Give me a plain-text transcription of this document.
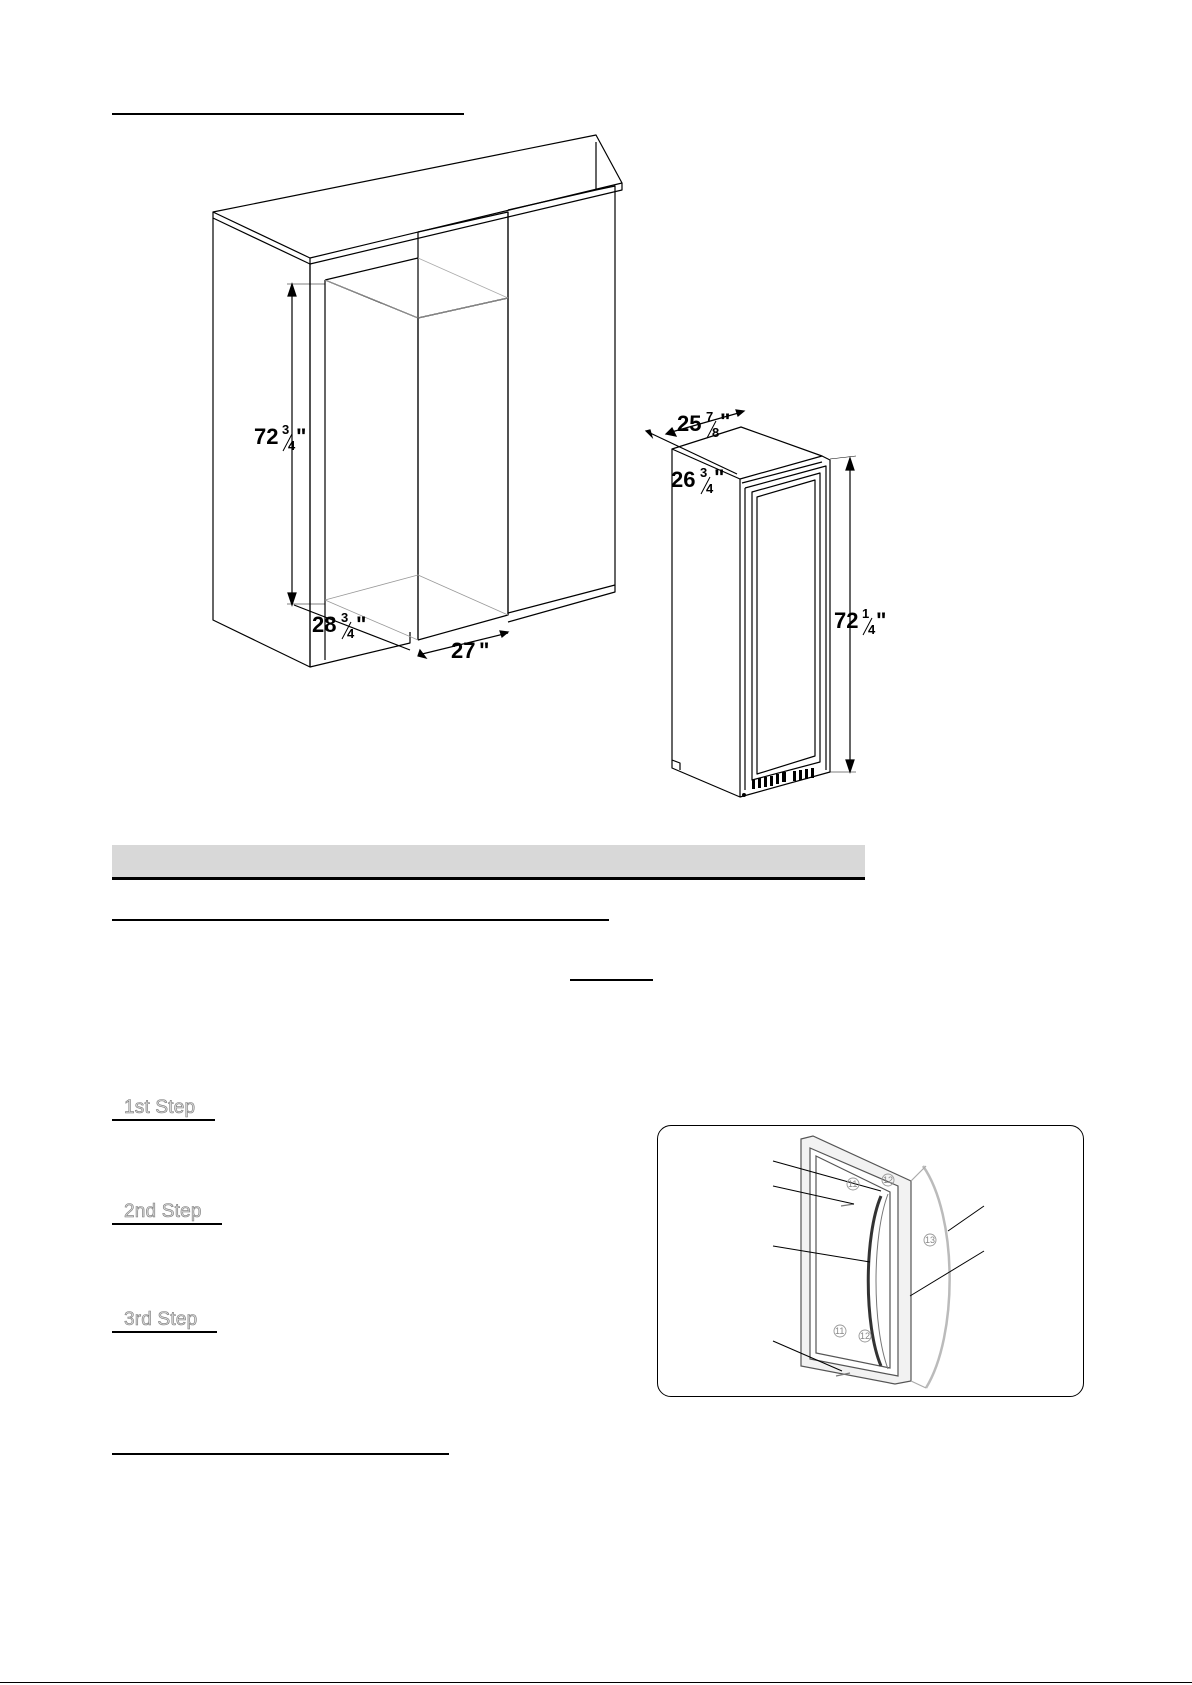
1st Step
2nd Step
3rd Step
72 3
4 "
28 3
4 "
27 "
25 7
8 "
26 3
4 "
72 1
4 "
11	12
13
11 12
